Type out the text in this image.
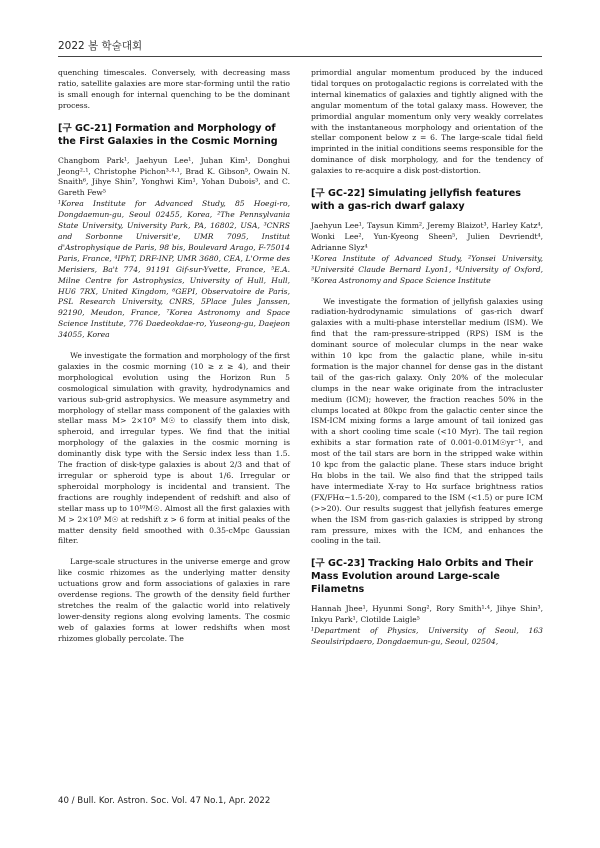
2022 봄 학술대회

quenching timescales. Conversely, with decreasing mass ratio, satellite galaxies are more star-forming until the ratio is small enough for internal quenching to be the dominant process.

[구 GC-21] Formation and Morphology of the First Galaxies in the Cosmic Morning

Changbom Park¹, Jaehyun Lee¹, Juhan Kim¹, Donghui Jeong²·¹, Christophe Pichon³·⁴·¹, Brad K. Gibson⁵, Owain N. Snaith⁶, Jihye Shin⁷, Yonghwi Kim¹, Yohan Dubois³, and C. Gareth Few⁵

¹Korea Institute for Advanced Study, 85 Hoegi-ro, Dongdaemun-gu, Seoul 02455, Korea, ²The Pennsylvania State University, University Park, PA, 16802, USA, ³CNRS and Sorbonne Universit'e, UMR 7095, Institut d'Astrophysique de Paris, 98 bis, Boulevard Arago, F-75014 Paris, France, ⁴IPhT, DRF-INP, UMR 3680, CEA, L'Orme des Merisiers, Ba't 774, 91191 Gif-sur-Yvette, France, ⁵E.A. Milne Centre for Astrophysics, University of Hull, Hull, HU6 7RX, United Kingdom, ⁶GEPI, Observatoire de Paris, PSL Research University, CNRS, 5Place Jules Janssen, 92190, Meudon, France, ⁷Korea Astronomy and Space Science Institute, 776 Daedeokdae-ro, Yuseong-gu, Daejeon 34055, Korea

We investigate the formation and morphology of the first galaxies in the cosmic morning (10 ≥ z ≥ 4), and their morphological evolution using the Horizon Run 5 cosmological simulation with gravity, hydrodynamics and various sub-grid astrophysics. We measure asymmetry and morphology of stellar mass component of the galaxies with stellar mass M> 2×10⁹ M☉ to classify them into disk, spheroid, and irregular types. We find that the initial morphology of the galaxies in the cosmic morning is dominantly disk type with the Sersic index less than 1.5. The fraction of disk-type galaxies is about 2/3 and that of irregular or spheroid type is about 1/6. Irregular or spheroidal morphology is incidental and transient. The fractions are roughly independent of redshift and also of stellar mass up to 10¹⁰M☉. Almost all the first galaxies with M > 2×10⁹ M☉ at redshift z > 6 form at initial peaks of the matter density field smoothed with 0.35-cMpc Gaussian filter.

Large-scale structures in the universe emerge and grow like cosmic rhizomes as the underlying matter density uctuations grow and form associations of galaxies in rare overdense regions. The growth of the density field further stretches the realm of the galactic world into relatively lower-density regions along evolving laments. The cosmic web of galaxies forms at lower redshifts when most rhizomes globally percolate. The

primordial angular momentum produced by the induced tidal torques on protogalactic regions is correlated with the internal kinematics of galaxies and tightly aligned with the angular momentum of the total galaxy mass. However, the primordial angular momentum only very weakly correlates with the instantaneous morphology and orientation of the stellar component below z = 6. The large-scale tidal field imprinted in the initial conditions seems responsible for the dominance of disk morphology, and for the tendency of galaxies to re-acquire a disk post-distortion.

[구 GC-22] Simulating jellyfish features with a gas-rich dwarf galaxy

Jaehyun Lee¹, Taysun Kimm², Jeremy Blaizot³, Harley Katz⁴, Wonki Lee², Yun-Kyeong Sheen⁵, Julien Devriendt⁴, Adrianne Slyz⁴

¹Korea Institute of Advanced Study, ²Yonsei University, ³Université Claude Bernard Lyon1, ⁴University of Oxford, ⁵Korea Astronomy and Space Science Institute

We investigate the formation of jellyfish galaxies using radiation-hydrodynamic simulations of gas-rich dwarf galaxies with a multi-phase interstellar medium (ISM). We find that the ram-pressure-stripped (RPS) ISM is the dominant source of molecular clumps in the near wake within 10 kpc from the galactic plane, while in-situ formation is the major channel for dense gas in the distant tail of the gas-rich galaxy. Only 20% of the molecular clumps in the near wake originate from the intracluster medium (ICM); however, the fraction reaches 50% in the clumps located at 80kpc from the galactic center since the ISM-ICM mixing forms a large amount of tail ionized gas with a short cooling time scale (<10 Myr). The tail region exhibits a star formation rate of 0.001-0.01M☉yr⁻¹, and most of the tail stars are born in the stripped wake within 10 kpc from the galactic plane. These stars induce bright Hα blobs in the tail. We also find that the stripped tails have intermediate X-ray to Hα surface brightness ratios (FX/FHα~1.5-20), compared to the ISM (<1.5) or pure ICM (>>20). Our results suggest that jellyfish features emerge when the ISM from gas-rich galaxies is stripped by strong ram pressure, mixes with the ICM, and enhances the cooling in the tail.

[구 GC-23] Tracking Halo Orbits and Their Mass Evolution around Large-scale Filametns

Hannah Jhee¹, Hyunmi Song², Rory Smith¹·⁴, Jihye Shin³, Inkyu Park¹, Clotilde Laigle⁵

¹Department of Physics, University of Seoul, 163 Seoulsiripdaero, Dongdaemun-gu, Seoul, 02504,

40 / Bull. Kor. Astron. Soc. Vol. 47 No.1, Apr. 2022
